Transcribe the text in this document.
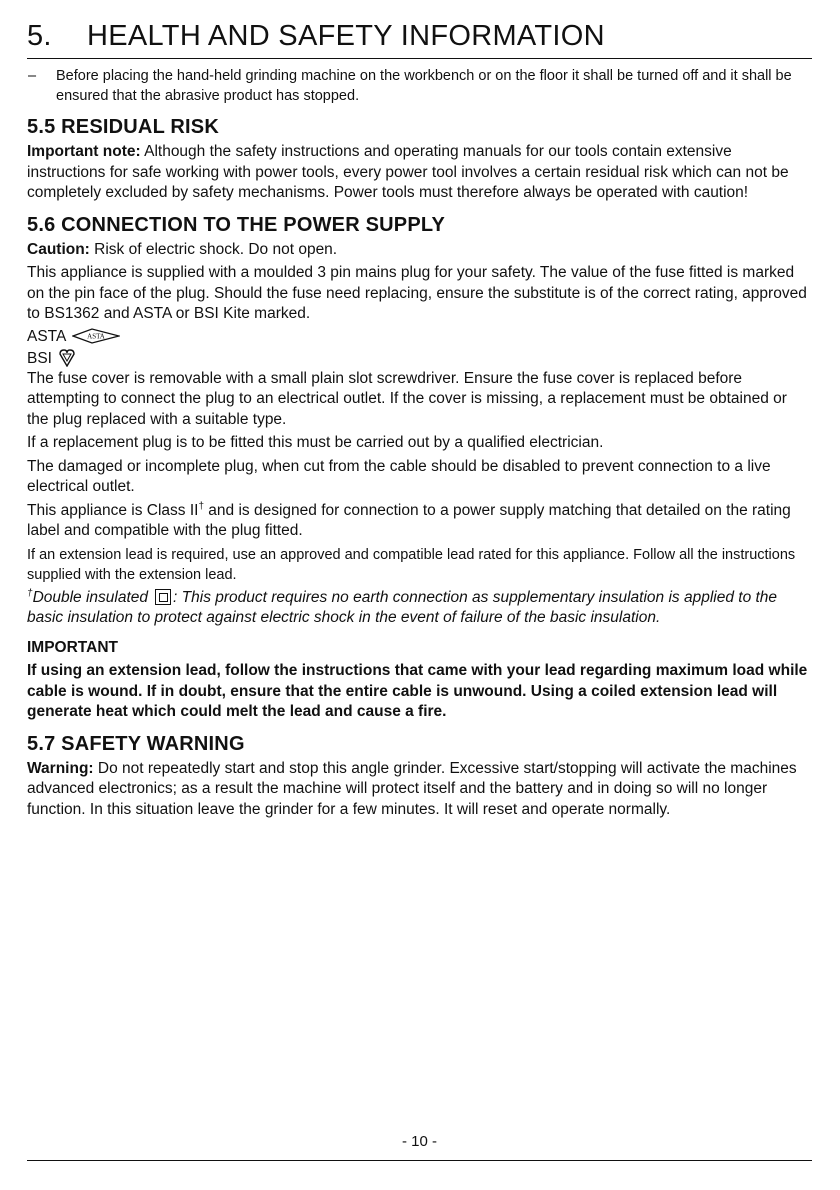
5. HEALTH AND SAFETY INFORMATION

– Before placing the hand-held grinding machine on the workbench or on the floor it shall be turned off and it shall be ensured that the abrasive product has stopped.

5.5 RESIDUAL RISK

Important note: Although the safety instructions and operating manuals for our tools contain extensive instructions for safe working with power tools, every power tool involves a certain residual risk which can not be completely excluded by safety mechanisms. Power tools must therefore always be operated with caution!

5.6 CONNECTION TO THE POWER SUPPLY

Caution: Risk of electric shock. Do not open.

This appliance is supplied with a moulded 3 pin mains plug for your safety. The value of the fuse fitted is marked on the pin face of the plug. Should the fuse need replacing, ensure the substitute is of the correct rating, approved to BS1362 and ASTA or BSI Kite marked.

ASTA	ASTA
BSI

The fuse cover is removable with a small plain slot screwdriver. Ensure the fuse cover is replaced before attempting to connect the plug to an electrical outlet. If the cover is missing, a replacement must be obtained or the plug replaced with a suitable type.

If a replacement plug is to be fitted this must be carried out by a qualified electrician.

The damaged or incomplete plug, when cut from the cable should be disabled to prevent connection to a live electrical outlet.

This appliance is Class II† and is designed for connection to a power supply matching that detailed on the rating label and compatible with the plug fitted.

If an extension lead is required, use an approved and compatible lead rated for this appliance. Follow all the instructions supplied with the extension lead.

†Double insulated : This product requires no earth connection as supplementary insulation is applied to the basic insulation to protect against electric shock in the event of failure of the basic insulation.

IMPORTANT

If using an extension lead, follow the instructions that came with your lead regarding maximum load while cable is wound. If in doubt, ensure that the entire cable is unwound. Using a coiled extension lead will generate heat which could melt the lead and cause a fire.

5.7 SAFETY WARNING

Warning: Do not repeatedly start and stop this angle grinder. Excessive start/stopping will activate the machines advanced electronics; as a result the machine will protect itself and the battery and in doing so will no longer function. In this situation leave the grinder for a few minutes. It will reset and operate normally.

- 10 -
